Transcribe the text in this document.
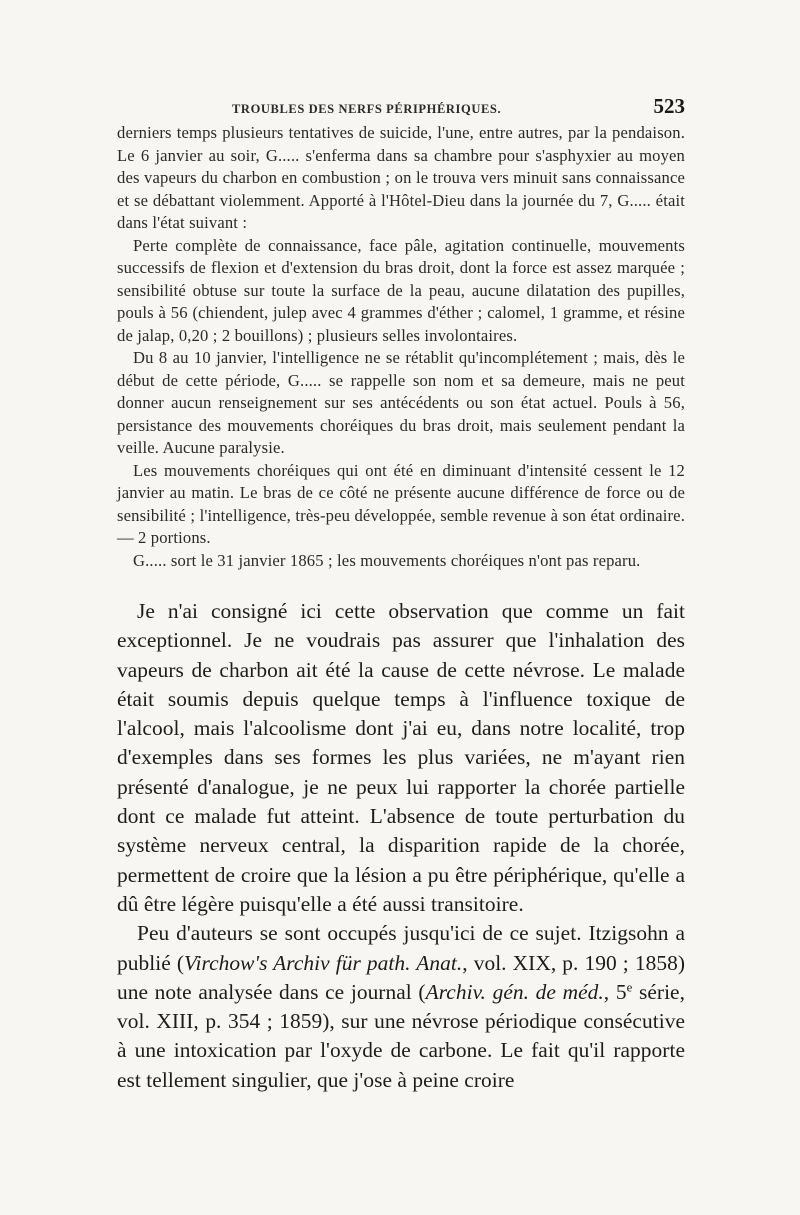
TROUBLES DES NERFS PÉRIPHÉRIQUES.	523

derniers temps plusieurs tentatives de suicide, l'une, entre autres, par la pendaison. Le 6 janvier au soir, G..... s'enferma dans sa chambre pour s'asphyxier au moyen des vapeurs du charbon en combustion ; on le trouva vers minuit sans connaissance et se débattant violemment. Apporté à l'Hôtel-Dieu dans la journée du 7, G..... était dans l'état suivant :

Perte complète de connaissance, face pâle, agitation continuelle, mouvements successifs de flexion et d'extension du bras droit, dont la force est assez marquée ; sensibilité obtuse sur toute la surface de la peau, aucune dilatation des pupilles, pouls à 56 (chiendent, julep avec 4 grammes d'éther ; calomel, 1 gramme, et résine de jalap, 0,20 ; 2 bouillons) ; plusieurs selles involontaires.

Du 8 au 10 janvier, l'intelligence ne se rétablit qu'incomplétement ; mais, dès le début de cette période, G..... se rappelle son nom et sa demeure, mais ne peut donner aucun renseignement sur ses antécédents ou son état actuel. Pouls à 56, persistance des mouvements choréiques du bras droit, mais seulement pendant la veille. Aucune paralysie.

Les mouvements choréiques qui ont été en diminuant d'intensité cessent le 12 janvier au matin. Le bras de ce côté ne présente aucune différence de force ou de sensibilité ; l'intelligence, très-peu développée, semble revenue à son état ordinaire. — 2 portions.

G..... sort le 31 janvier 1865 ; les mouvements choréiques n'ont pas reparu.

Je n'ai consigné ici cette observation que comme un fait exceptionnel. Je ne voudrais pas assurer que l'inhalation des vapeurs de charbon ait été la cause de cette névrose. Le malade était soumis depuis quelque temps à l'influence toxique de l'alcool, mais l'alcoolisme dont j'ai eu, dans notre localité, trop d'exemples dans ses formes les plus variées, ne m'ayant rien présenté d'analogue, je ne peux lui rapporter la chorée partielle dont ce malade fut atteint. L'absence de toute perturbation du système nerveux central, la disparition rapide de la chorée, permettent de croire que la lésion a pu être périphérique, qu'elle a dû être légère puisqu'elle a été aussi transitoire.

Peu d'auteurs se sont occupés jusqu'ici de ce sujet. Itzigsohn a publié (Virchow's Archiv für path. Anat., vol. XIX, p. 190 ; 1858) une note analysée dans ce journal (Archiv. gén. de méd., 5e série, vol. XIII, p. 354 ; 1859), sur une névrose périodique consécutive à une intoxication par l'oxyde de carbone. Le fait qu'il rapporte est tellement singulier, que j'ose à peine croire
